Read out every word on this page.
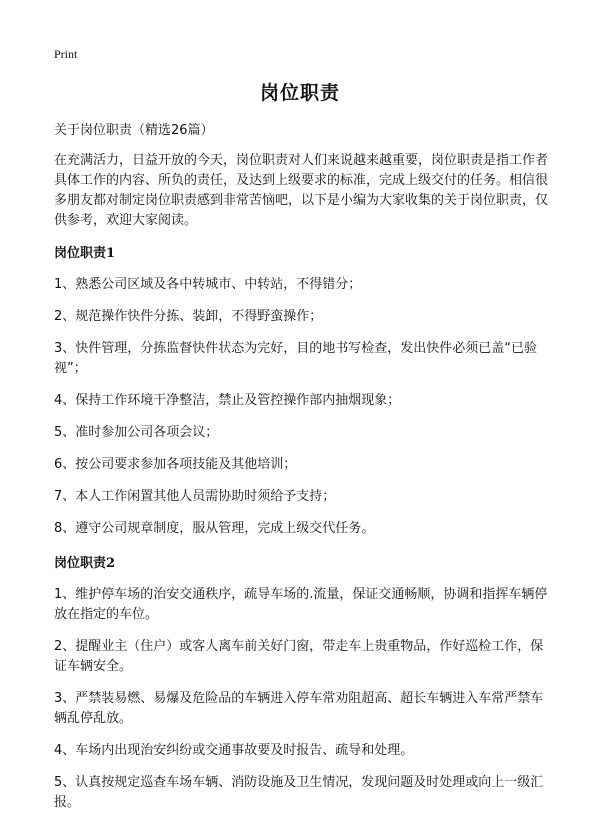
Print
岗位职责

关于岗位职责（精选26篇）

在充满活力，日益开放的今天，岗位职责对人们来说越来越重要，岗位职责是指工作者具体工作的内容、所负的责任，及达到上级要求的标准，完成上级交付的任务。相信很多朋友都对制定岗位职责感到非常苦恼吧，以下是小编为大家收集的关于岗位职责，仅供参考，欢迎大家阅读。

岗位职责1

1、熟悉公司区域及各中转城市、中转站，不得错分；

2、规范操作快件分拣、装卸，不得野蛮操作；

3、快件管理，分拣监督快件状态为完好，目的地书写检查，发出快件必须已盖“已验视”；

4、保持工作环境干净整洁，禁止及管控操作部内抽烟现象；

5、准时参加公司各项会议；

6、按公司要求参加各项技能及其他培训；

7、本人工作闲置其他人员需协助时须给予支持；

8、遵守公司规章制度，服从管理，完成上级交代任务。

岗位职责2

1、维护停车场的治安交通秩序，疏导车场的.流量，保证交通畅顺，协调和指挥车辆停放在指定的车位。

2、提醒业主（住户）或客人离车前关好门窗，带走车上贵重物品，作好巡检工作，保证车辆安全。

3、严禁装易燃、易爆及危险品的车辆进入停车常劝阻超高、超长车辆进入车常严禁车辆乱停乱放。

4、车场内出现治安纠纷或交通事故要及时报告、疏导和处理。

5、认真按规定巡查车场车辆、消防设施及卫生情况，发现问题及时处理或向上一级汇报。
